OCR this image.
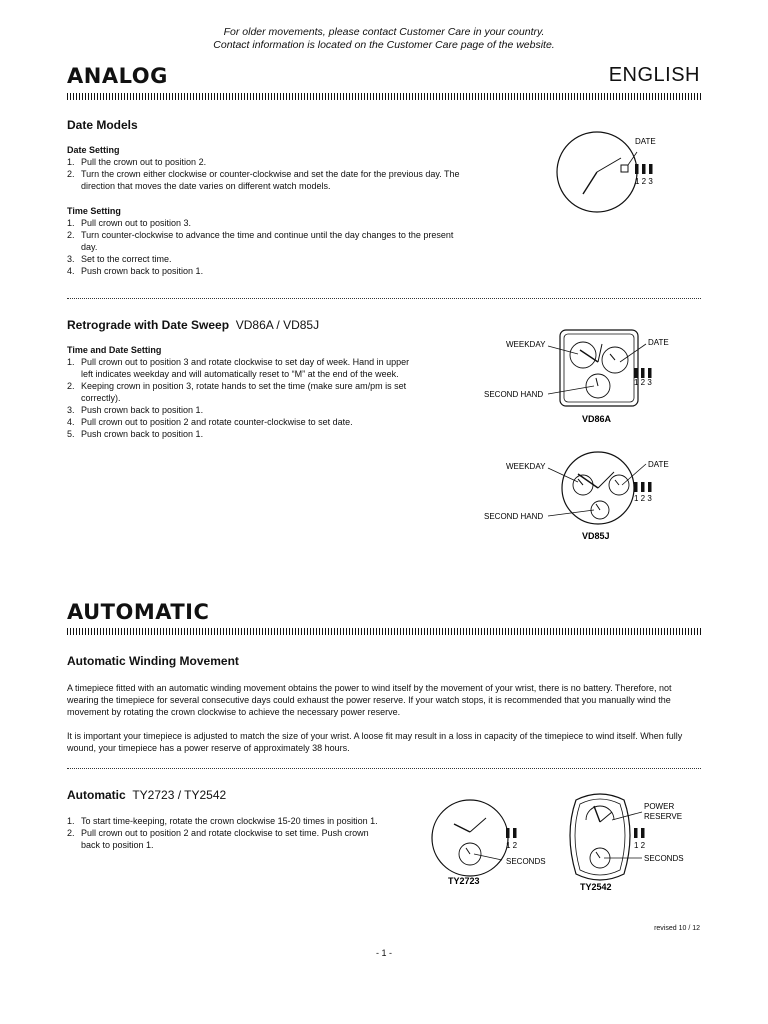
For older movements, please contact Customer Care in your country.
Contact information is located on the Customer Care page of the website.
ANALOG	ENGLISH
Date Models
Date Setting
1. Pull the crown out to position 2.
2. Turn the crown either clockwise or counter-clockwise and set the date for the previous day. The direction that moves the date varies on different watch models.
Time Setting
1. Pull crown out to position 3.
2. Turn counter-clockwise to advance the time and continue until the day changes to the present day.
3. Set to the correct time.
4. Push crown back to position 1.
DATE
1 2 3
Retrograde with Date Sweep VD86A / VD85J
Time and Date Setting
1. Pull crown out to position 3 and rotate clockwise to set day of week. Hand in upper left indicates weekday and will automatically reset to “M” at the end of the week.
2. Keeping crown in position 3, rotate hands to set the time (make sure am/pm is set correctly).
3. Push crown back to position 1.
4. Pull crown out to position 2 and rotate counter-clockwise to set date.
5. Push crown back to position 1.
WEEKDAY	DATE
SECOND HAND
1 2 3
VD86A
WEEKDAY	DATE
SECOND HAND
1 2 3
VD85J
AUTOMATIC
Automatic Winding Movement
A timepiece fitted with an automatic winding movement obtains the power to wind itself by the movement of your wrist, there is no battery. Therefore, not wearing the timepiece for several consecutive days could exhaust the power reserve. If your watch stops, it is recommended that you manually wind the movement by rotating the crown clockwise to achieve the necessary power reserve.
It is important your timepiece is adjusted to match the size of your wrist. A loose fit may result in a loss in capacity of the timepiece to wind itself. When fully wound, your timepiece has a power reserve of approximately 38 hours.
Automatic TY2723 / TY2542
1. To start time-keeping, rotate the crown clockwise 15-20 times in position 1.
2. Pull crown out to position 2 and rotate clockwise to set time. Push crown back to position 1.	1 2
SECONDS
TY2723
POWER
RESERVE
1 2
SECONDS
TY2542
revised 10 / 12
- 1 -
